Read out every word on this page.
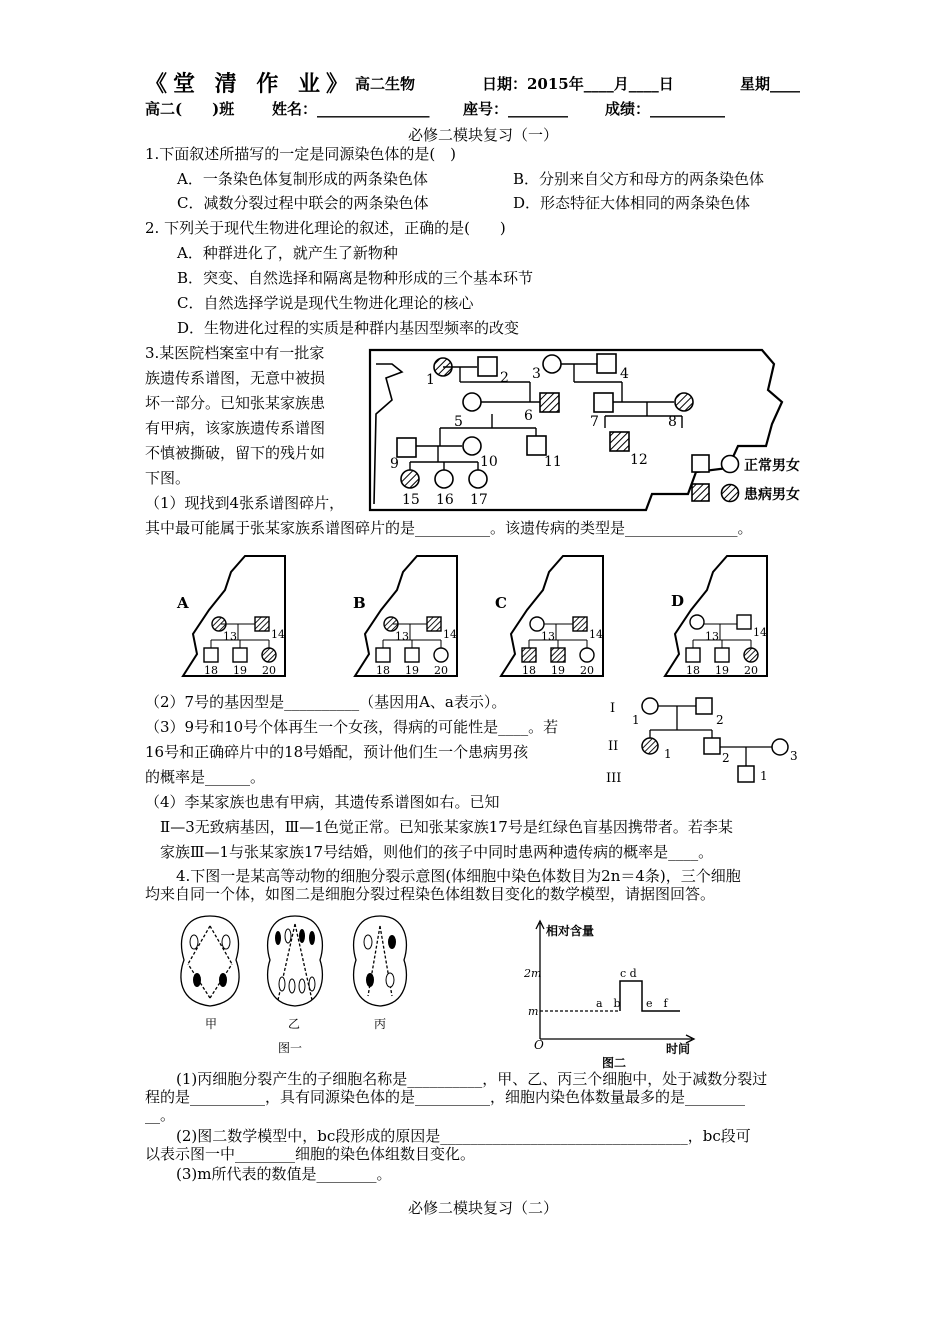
《堂 清 作 业》 高二生物	日期：2015年____月____日	星期____
高二(　　)班	姓名：_______________ 座号：________ 成绩：__________
必修二模块复习（一）
1.下面叙述所描写的一定是同源染色体的是(　)
A．一条染色体复制形成的两条染色体	B．分别来自父方和母方的两条染色体
C．减数分裂过程中联会的两条染色体	D．形态特征大体相同的两条染色体
2. 下列关于现代生物进化理论的叙述，正确的是(　　)
A．种群进化了，就产生了新物种
B．突变、自然选择和隔离是物种形成的三个基本环节
C．自然选择学说是现代生物进化理论的核心
D．生物进化过程的实质是种群内基因型频率的改变
3.某医院档案室中有一批家
族遗传系谱图，无意中被损
坏一部分。已知张某家族患
有甲病，该家族遗传系谱图
不慎被撕破，留下的残片如
下图。
1	2 3	4
5	6	7	8
9	10	11	12
15 16 17
正常男女
患病男女
（1）现找到4张系谱图碎片，
其中最可能属于张某家族系谱图碎片的是__________。该遗传病的类型是_______________。
A
13	14
18 19 20
B
13	14
18 19 20
C
13	14
18 19 20
D
13	14
18 19 20
（2）7号的基因型是__________（基因用A、a表示）。
（3）9号和10号个体再生一个女孩，得病的可能性是____。若
16号和正确碎片中的18号婚配，预计他们生一个患病男孩
的概率是______。
I
II
III
1	2
1	2	3
1
（4）李某家族也患有甲病，其遗传系谱图如右。已知
Ⅱ—3无致病基因，Ⅲ—1色觉正常。已知张某家族17号是红绿色盲基因携带者。若李某
家族Ⅲ—1与张某家族17号结婚，则他们的孩子中同时患两种遗传病的概率是____。
4.下图一是某高等动物的细胞分裂示意图(体细胞中染色体数目为2n＝4条)，三个细胞
均来自同一个体，如图二是细胞分裂过程染色体组数目变化的数学模型，请据图回答。
甲	乙	丙
图一
相对含量
2m
m
O	时间
a　b
c d
e　f
图二
(1)丙细胞分裂产生的子细胞名称是__________，甲、乙、丙三个细胞中，处于减数分裂过
程的是__________，具有同源染色体的是__________，细胞内染色体数量最多的是________
__。
(2)图二数学模型中，bc段形成的原因是_________________________________，bc段可
以表示图一中________细胞的染色体组数目变化。
(3)m所代表的数值是________。
必修二模块复习（二）
